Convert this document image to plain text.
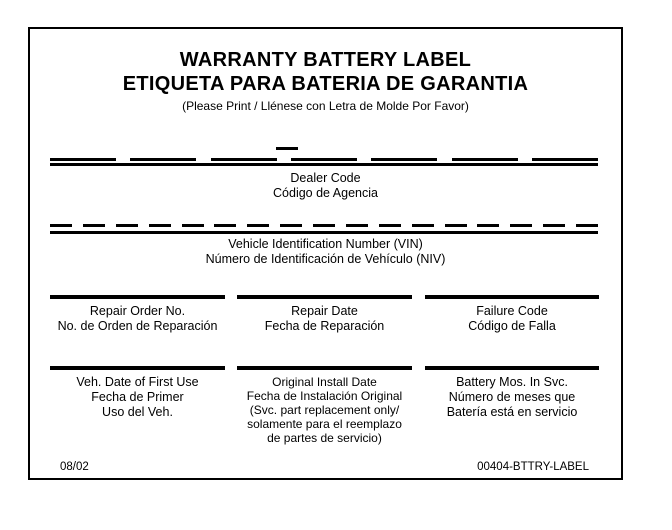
WARRANTY BATTERY LABEL
ETIQUETA PARA BATERIA DE GARANTIA
(Please Print / Llénese con Letra de Molde Por Favor)
Dealer Code
Código de Agencia
Vehicle Identification Number (VIN)
Número de Identificación de Vehículo (NIV)
Repair Order No.
No. de Orden de Reparación
Repair Date
Fecha de Reparación
Failure Code
Código de Falla
Veh. Date of First Use
Fecha de Primer
Uso del Veh.
Original Install Date
Fecha de Instalación Original
(Svc. part replacement only/
solamente para el reemplazo
de partes de servicio)
Battery Mos. In Svc.
Número de meses que
Batería está en servicio
08/02	00404-BTTRY-LABEL
